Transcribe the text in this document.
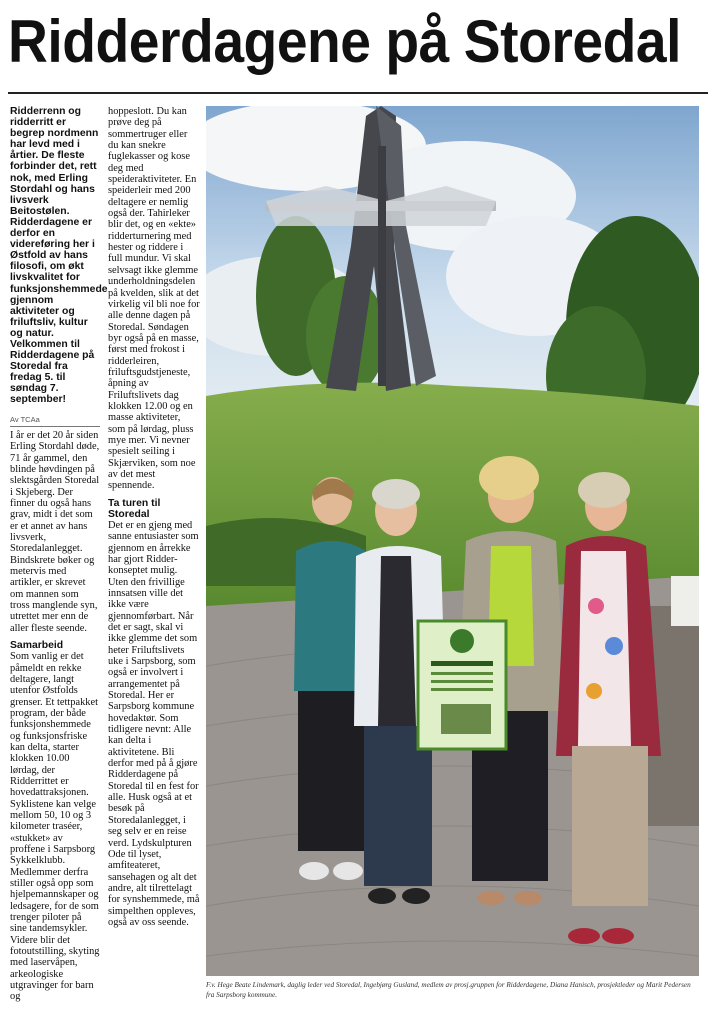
Ridderdagene på Storedal

Ridderrenn og ridderritt er begrep nordmenn har levd med i årtier. De fleste forbinder det, rett nok, med Erling Stordahl og hans livsverk Beitostølen. Ridderdagene er derfor en videreføring her i Østfold av hans filosofi, om økt livskvalitet for funksjonshemmede gjennom aktiviteter og friluftsliv, kultur og natur. Velkommen til Ridderdagene på Storedal fra fredag 5. til søndag 7. september!

Av TCAa

I år er det 20 år siden Erling Stordahl døde, 71 år gammel, den blinde høvdingen på slektsgården Storedal i Skjeberg. Der finner du også hans grav, midt i det som er et annet av hans livsverk, Storedalanlegget. Bindskrete bøker og metervis med artikler, er skrevet om mannen som tross manglende syn, utrettet mer enn de aller fleste seende.

Samarbeid

Som vanlig er det påmeldt en rekke deltagere, langt utenfor Østfolds grenser. Et tettpakket program, der både funksjonshemmede og funksjonsfriske kan delta, starter klokken 10.00 lørdag, der Ridderrittet er hovedattraksjonen. Syklistene kan velge mellom 50, 10 og 3 kilometer traséer, «stukket» av proffene i Sarpsborg Sykkelklubb. Medlemmer derfra stiller også opp som hjelpemannskaper og ledsagere, for de som trenger piloter på sine tandemsykler. Videre blir det fotoutstilling, skyting med laservåpen, arkeologiske utgravinger for barn og

hoppeslott. Du kan prøve deg på sommertruger eller du kan snekre fuglekasser og kose deg med speideraktiviteter. En speiderleir med 200 deltagere er nemlig også der. Tahirleker blir det, og en «ekte» ridderturnering med hester og riddere i full mundur. Vi skal selvsagt ikke glemme underholdningsdelen på kvelden, slik at det virkelig vil bli noe for alle denne dagen på Storedal. Søndagen byr også på en masse, først med frokost i ridderleiren, friluftsgudstjeneste, åpning av Friluftslivets dag klokken 12.00 og en masse aktiviteter, som på lørdag, pluss mye mer. Vi nevner spesielt seiling i Skjærviken, som noe av det mest spennende.

Ta turen til Storedal

Det er en gjeng med sanne entusiaster som gjennom en årrekke har gjort Ridder-konseptet mulig. Uten den frivillige innsatsen ville det ikke være gjennomførbart. Når det er sagt, skal vi ikke glemme det som heter Friluftslivets uke i Sarpsborg, som også er involvert i arrangementet på Storedal. Her er Sarpsborg kommune hovedaktør. Som tidligere nevnt: Alle kan delta i aktivitetene. Bli derfor med på å gjøre Ridderdagene på Storedal til en fest for alle. Husk også at et besøk på Storedalanlegget, i seg selv er en reise verd. Lydskulpturen Ode til lyset, amfiteateret, sansehagen og alt det andre, alt tilrettelagt for synshemmede, må simpelthen oppleves, også av oss seende.

F.v. Hege Beate Lindemark, daglig leder ved Storedal, Ingebjørg Gusland, medlem av prosj.gruppen for Ridderdagene, Diana Hanisch, prosjektleder og Marit Pedersen fra Sarpsborg kommune.
